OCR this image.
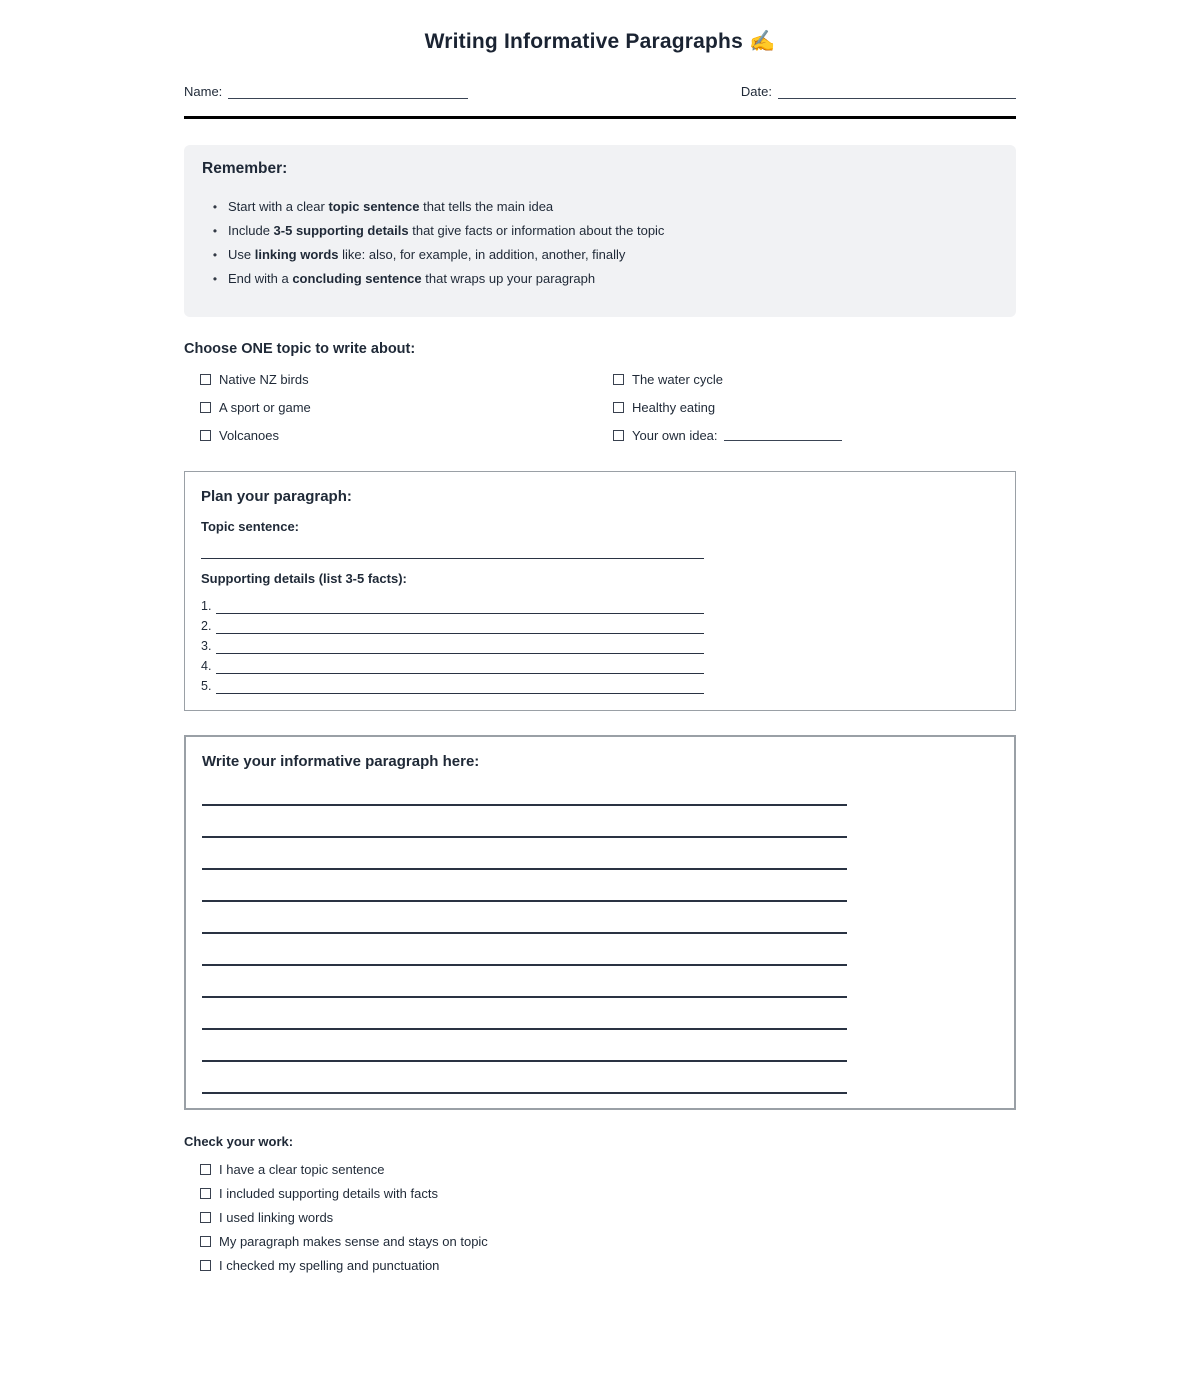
Writing Informative Paragraphs ✍️
Name:	Date:
Remember:
• Start with a clear topic sentence that tells the main idea
• Include 3-5 supporting details that give facts or information about the topic
• Use linking words like: also, for example, in addition, another, finally
• End with a concluding sentence that wraps up your paragraph
Choose ONE topic to write about:
Native NZ birds
A sport or game
Volcanoes
The water cycle
Healthy eating
Your own idea:
Plan your paragraph:
Topic sentence:
Supporting details (list 3-5 facts):
1.
2.
3.
4.
5.
Write your informative paragraph here:
Check your work:
I have a clear topic sentence
I included supporting details with facts
I used linking words
My paragraph makes sense and stays on topic
I checked my spelling and punctuation
